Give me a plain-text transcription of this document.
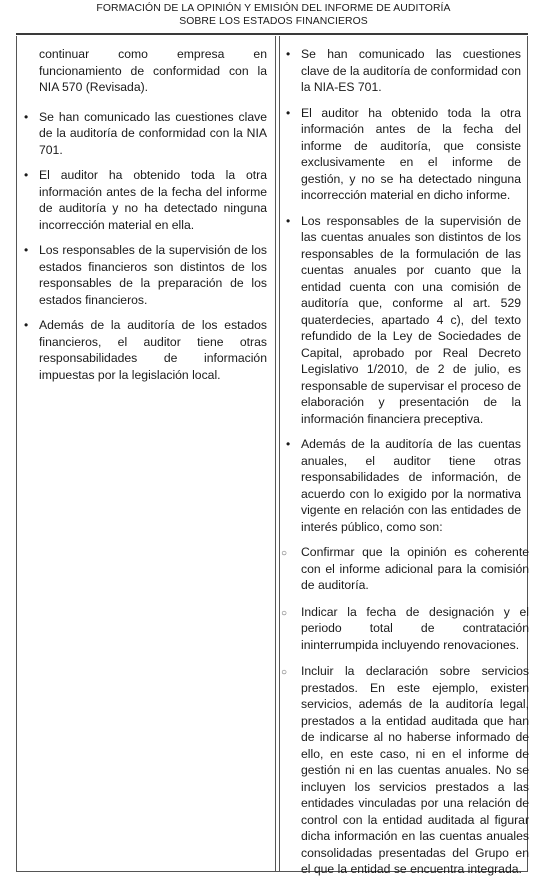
FORMACIÓN DE LA OPINIÓN Y EMISIÓN DEL INFORME DE AUDITORÍA
SOBRE LOS ESTADOS FINANCIEROS
continuar como empresa en funcionamiento de conformidad con la NIA 570 (Revisada).
• Se han comunicado las cuestiones clave de la auditoría de conformidad con la NIA 701.
• El auditor ha obtenido toda la otra información antes de la fecha del informe de auditoría y no ha detectado ninguna incorrección material en ella.
• Los responsables de la supervisión de los estados financieros son distintos de los responsables de la preparación de los estados financieros.
• Además de la auditoría de los estados financieros, el auditor tiene otras responsabilidades de información impuestas por la legislación local.
• Se han comunicado las cuestiones clave de la auditoría de conformidad con la NIA-ES 701.
• El auditor ha obtenido toda la otra información antes de la fecha del informe de auditoría, que consiste exclusivamente en el informe de gestión, y no se ha detectado ninguna incorrección material en dicho informe.
• Los responsables de la supervisión de las cuentas anuales son distintos de los responsables de la formulación de las cuentas anuales por cuanto que la entidad cuenta con una comisión de auditoría que, conforme al art. 529 quaterdecies, apartado 4 c), del texto refundido de la Ley de Sociedades de Capital, aprobado por Real Decreto Legislativo 1/2010, de 2 de julio, es responsable de supervisar el proceso de elaboración y presentación de la información financiera preceptiva.
• Además de la auditoría de las cuentas anuales, el auditor tiene otras responsabilidades de información, de acuerdo con lo exigido por la normativa vigente en relación con las entidades de interés público, como son:
○ Confirmar que la opinión es coherente con el informe adicional para la comisión de auditoría.
○ Indicar la fecha de designación y el periodo total de contratación ininterrumpida incluyendo renovaciones.
○ Incluir la declaración sobre servicios prestados. En este ejemplo, existen servicios, además de la auditoría legal, prestados a la entidad auditada que han de indicarse al no haberse informado de ello, en este caso, ni en el informe de gestión ni en las cuentas anuales. No se incluyen los servicios prestados a las entidades vinculadas por una relación de control con la entidad auditada al figurar dicha información en las cuentas anuales consolidadas presentadas del Grupo en el que la entidad se encuentra integrada.
